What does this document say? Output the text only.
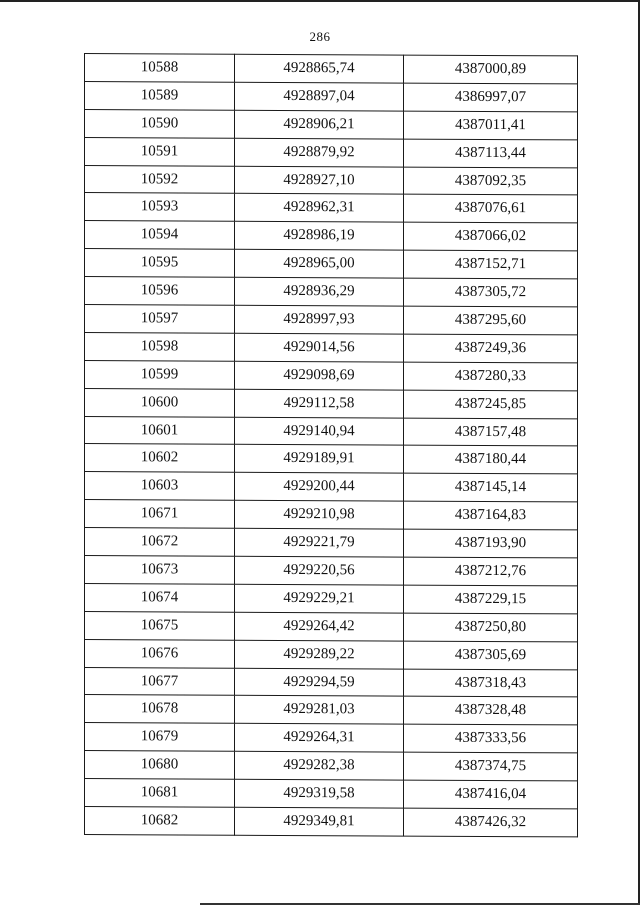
286
10588	4928865,74	4387000,89
10589	4928897,04	4386997,07
10590	4928906,21	4387011,41
10591	4928879,92	4387113,44
10592	4928927,10	4387092,35
10593	4928962,31	4387076,61
10594	4928986,19	4387066,02
10595	4928965,00	4387152,71
10596	4928936,29	4387305,72
10597	4928997,93	4387295,60
10598	4929014,56	4387249,36
10599	4929098,69	4387280,33
10600	4929112,58	4387245,85
10601	4929140,94	4387157,48
10602	4929189,91	4387180,44
10603	4929200,44	4387145,14
10671	4929210,98	4387164,83
10672	4929221,79	4387193,90
10673	4929220,56	4387212,76
10674	4929229,21	4387229,15
10675	4929264,42	4387250,80
10676	4929289,22	4387305,69
10677	4929294,59	4387318,43
10678	4929281,03	4387328,48
10679	4929264,31	4387333,56
10680	4929282,38	4387374,75
10681	4929319,58	4387416,04
10682	4929349,81	4387426,32
